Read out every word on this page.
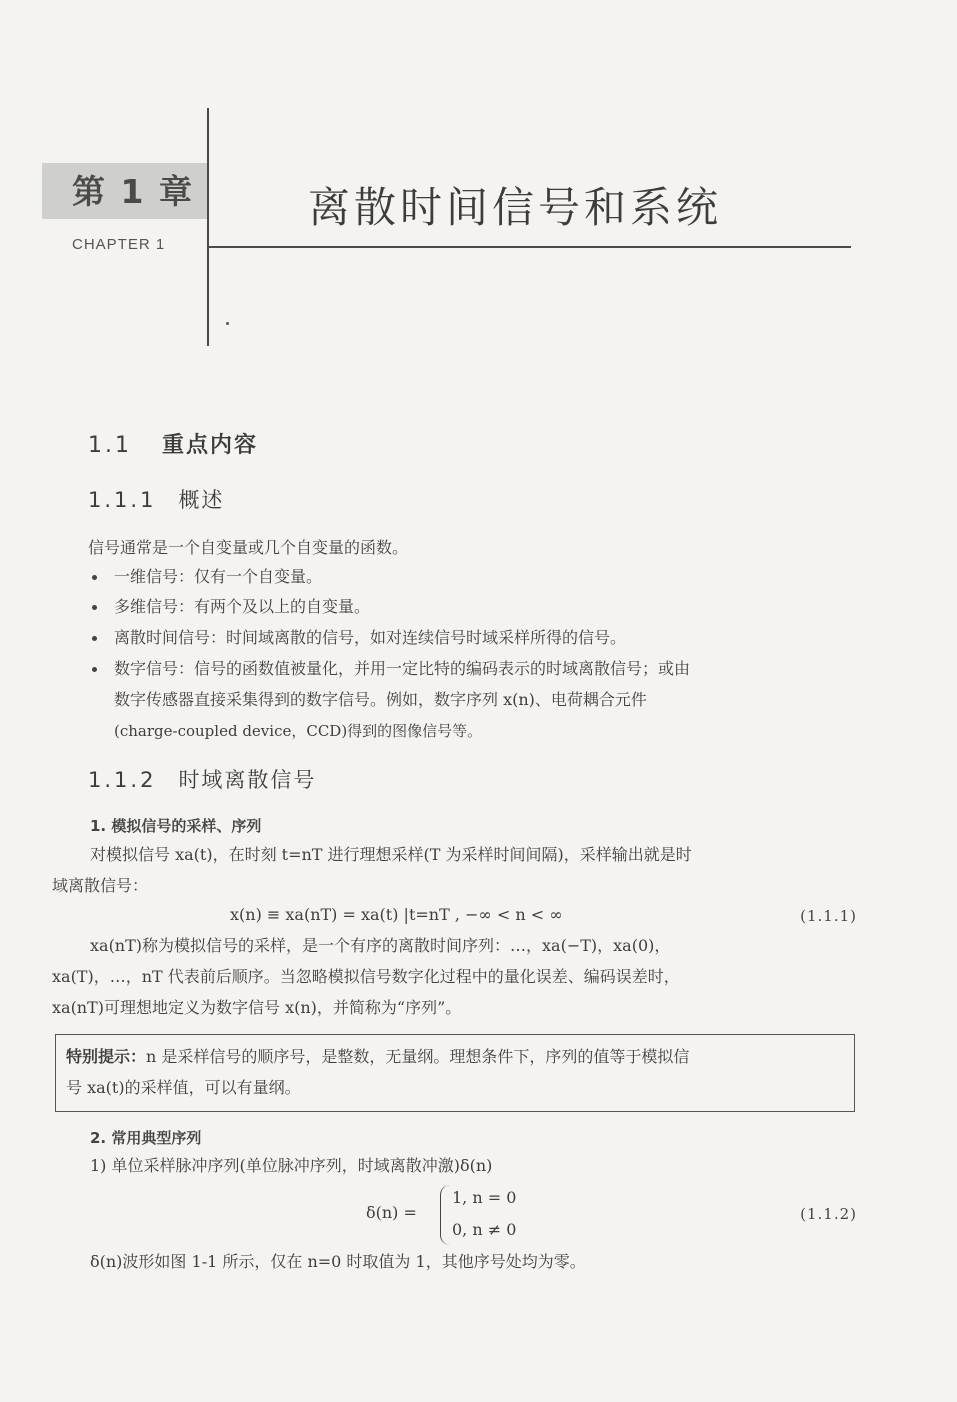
第 1 章
CHAPTER 1
离散时间信号和系统
1.1 重点内容
1.1.1 概述
信号通常是一个自变量或几个自变量的函数。
一维信号：仅有一个自变量。
多维信号：有两个及以上的自变量。
离散时间信号：时间域离散的信号，如对连续信号时域采样所得的信号。
数字信号：信号的函数值被量化，并用一定比特的编码表示的时域离散信号；或由
数字传感器直接采集得到的数字信号。例如，数字序列 x(n)、电荷耦合元件
(charge-coupled device，CCD)得到的图像信号等。
1.1.2 时域离散信号
1. 模拟信号的采样、序列
对模拟信号 xa(t)，在时刻 t=nT 进行理想采样(T 为采样时间间隔)，采样输出就是时
域离散信号：
x(n) ≡ xa(nT) = xa(t) |t=nT , −∞ < n < ∞	(1.1.1)
xa(nT)称为模拟信号的采样，是一个有序的离散时间序列：…，xa(−T)，xa(0)，
xa(T)，…，nT 代表前后顺序。当忽略模拟信号数字化过程中的量化误差、编码误差时，
xa(nT)可理想地定义为数字信号 x(n)，并简称为“序列”。
特别提示：n 是采样信号的顺序号，是整数，无量纲。理想条件下，序列的值等于模拟信
号 xa(t)的采样值，可以有量纲。
2. 常用典型序列
1) 单位采样脉冲序列(单位脉冲序列，时域离散冲激)δ(n)
δ(n) =
1, n = 0
0, n ≠ 0
(1.1.2)
δ(n)波形如图 1-1 所示，仅在 n=0 时取值为 1，其他序号处均为零。
